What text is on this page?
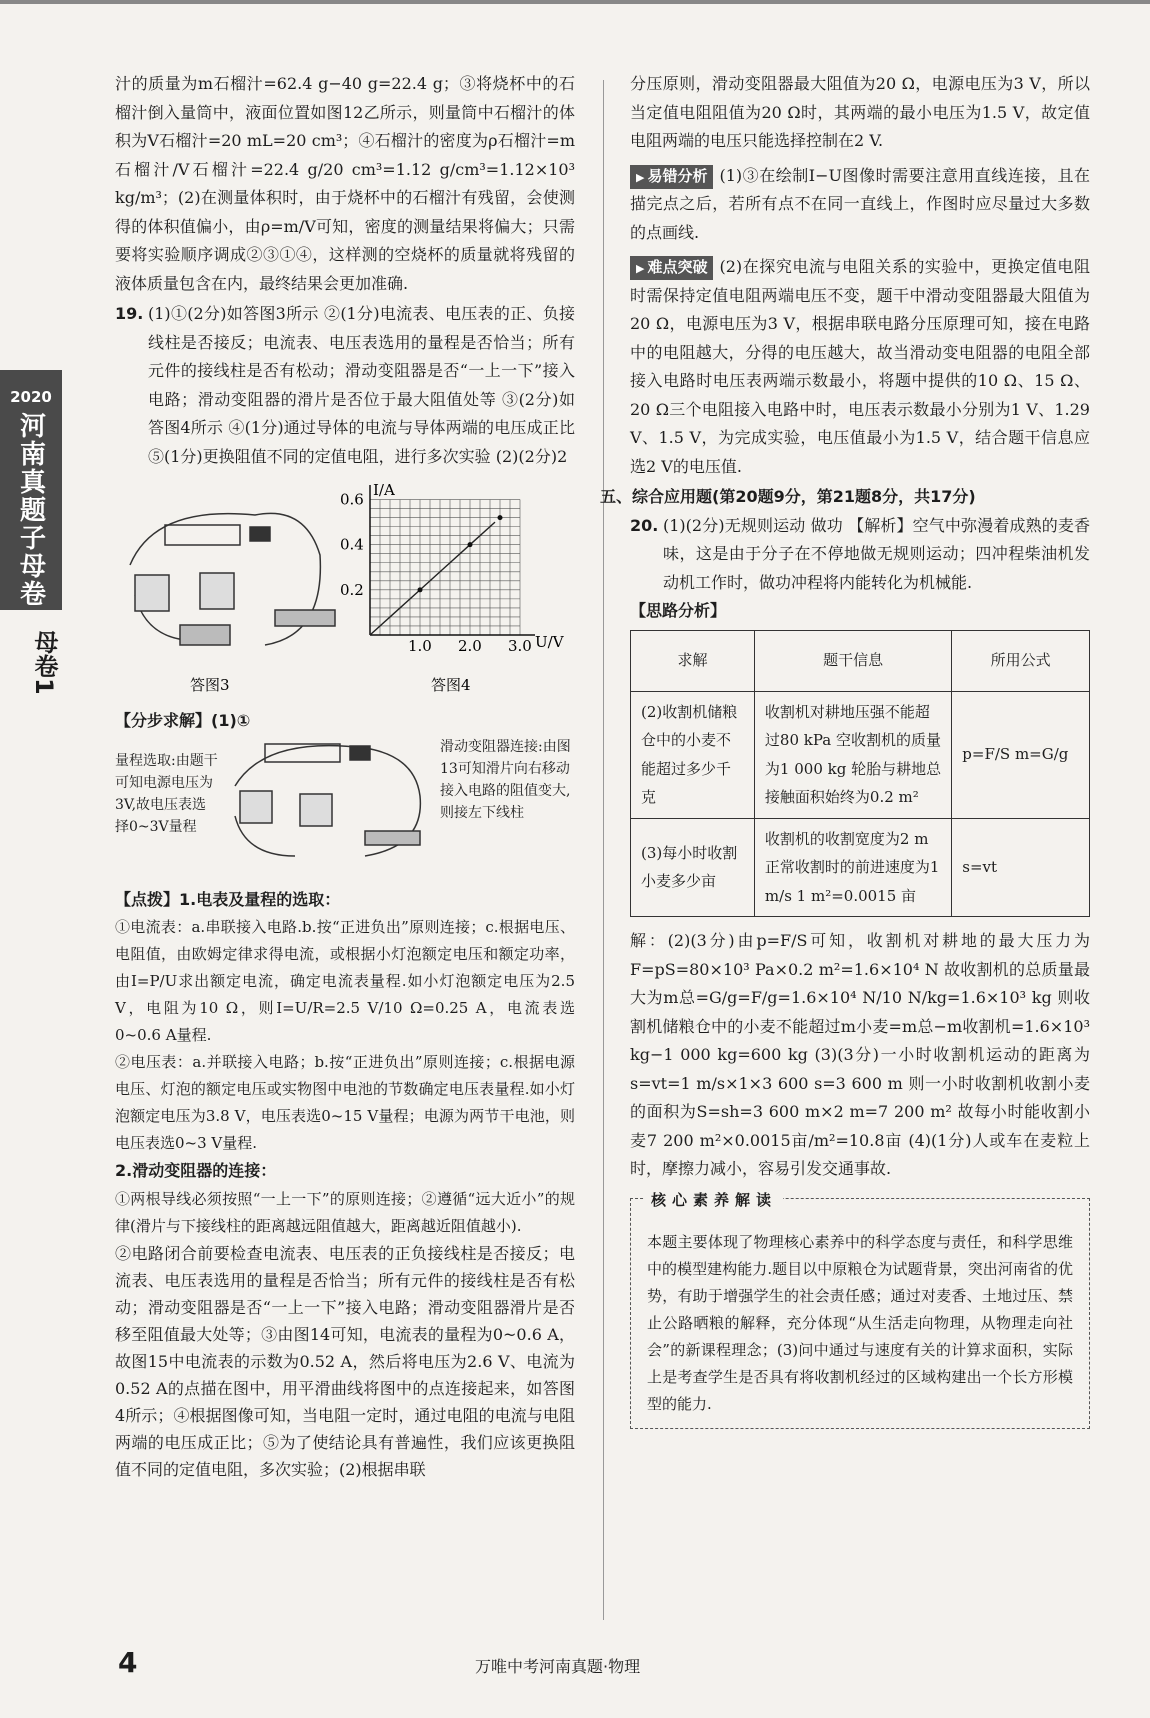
2020
河南真题子母卷
母卷1

汁的质量为m石榴汁=62.4 g−40 g=22.4 g；③将烧杯中的石榴汁倒入量筒中，液面位置如图12乙所示，则量筒中石榴汁的体积为V石榴汁=20 mL=20 cm³；④石榴汁的密度为ρ石榴汁=m石榴汁/V石榴汁=22.4 g/20 cm³=1.12 g/cm³=1.12×10³ kg/m³；(2)在测量体积时，由于烧杯中的石榴汁有残留，会使测得的体积值偏小，由ρ=m/V可知，密度的测量结果将偏大；只需要将实验顺序调成②③①④，这样测的空烧杯的质量就将残留的液体质量包含在内，最终结果会更加准确.

19. (1)①(2分)如答图3所示 ②(1分)电流表、电压表的正、负接线柱是否接反；电流表、电压表选用的量程是否恰当；所有元件的接线柱是否有松动；滑动变阻器是否“一上一下”接入电路；滑动变阻器的滑片是否位于最大阻值处等 ③(2分)如答图4所示 ④(1分)通过导体的电流与导体两端的电压成正比 ⑤(1分)更换阻值不同的定值电阻，进行多次实验 (2)(2分)2

答图3
1.0 2.0 3.0
0.2
0.4
0.6
I/A
U/V
答图4

【分步求解】(1)①

量程选取:由题干可知电源电压为3V,故电压表选择0~3V量程
滑动变阻器连接:由图13可知滑片向右移动接入电路的阻值变大,则接左下线柱

【点拨】1.电表及量程的选取：

①电流表：a.串联接入电路.b.按“正进负出”原则连接；c.根据电压、电阻值，由欧姆定律求得电流，或根据小灯泡额定电压和额定功率，由I=P/U求出额定电流，确定电流表量程.如小灯泡额定电压为2.5 V，电阻为10 Ω，则I=U/R=2.5 V/10 Ω=0.25 A，电流表选0~0.6 A量程.

②电压表：a.并联接入电路；b.按“正进负出”原则连接；c.根据电源电压、灯泡的额定电压或实物图中电池的节数确定电压表量程.如小灯泡额定电压为3.8 V，电压表选0~15 V量程；电源为两节干电池，则电压表选0~3 V量程.

2.滑动变阻器的连接：

①两根导线必须按照“一上一下”的原则连接；②遵循“远大近小”的规律(滑片与下接线柱的距离越远阻值越大，距离越近阻值越小).

②电路闭合前要检查电流表、电压表的正负接线柱是否接反；电流表、电压表选用的量程是否恰当；所有元件的接线柱是否有松动；滑动变阻器是否“一上一下”接入电路；滑动变阻器滑片是否移至阻值最大处等；③由图14可知，电流表的量程为0~0.6 A，故图15中电流表的示数为0.52 A，然后将电压为2.6 V、电流为0.52 A的点描在图中，用平滑曲线将图中的点连接起来，如答图4所示；④根据图像可知，当电阻一定时，通过电阻的电流与电阻两端的电压成正比；⑤为了使结论具有普遍性，我们应该更换阻值不同的定值电阻，多次实验；(2)根据串联

分压原则，滑动变阻器最大阻值为20 Ω，电源电压为3 V，所以当定值电阻阻值为20 Ω时，其两端的最小电压为1.5 V，故定值电阻两端的电压只能选择控制在2 V.

▶ 易错分析 (1)③在绘制I−U图像时需要注意用直线连接，且在描完点之后，若所有点不在同一直线上，作图时应尽量过大多数的点画线.

▶ 难点突破 (2)在探究电流与电阻关系的实验中，更换定值电阻时需保持定值电阻两端电压不变，题干中滑动变阻器最大阻值为20 Ω，电源电压为3 V，根据串联电路分压原理可知，接在电路中的电阻越大，分得的电压越大，故当滑动变电阻器的电阻全部接入电路时电压表两端示数最小，将题中提供的10 Ω、15 Ω、20 Ω三个电阻接入电路中时，电压表示数最小分别为1 V、1.29 V、1.5 V，为完成实验，电压值最小为1.5 V，结合题干信息应选2 V的电压值.

五、综合应用题(第20题9分，第21题8分，共17分)

20. (1)(2分)无规则运动 做功 【解析】空气中弥漫着成熟的麦香味，这是由于分子在不停地做无规则运动；四冲程柴油机发动机工作时，做功冲程将内能转化为机械能.

【思路分析】

求解	题干信息	所用公式
(2)收割机储粮仓中的小麦不能超过多少千克	收割机对耕地压强不能超过80 kPa 空收割机的质量为1 000 kg 轮胎与耕地总接触面积始终为0.2 m²	p=F/S m=G/g
(3)每小时收割小麦多少亩	收割机的收割宽度为2 m 正常收割时的前进速度为1 m/s 1 m²=0.0015 亩	s=vt

解：(2)(3分)由p=F/S可知，收割机对耕地的最大压力为F=pS=80×10³ Pa×0.2 m²=1.6×10⁴ N 故收割机的总质量最大为m总=G/g=F/g=1.6×10⁴ N/10 N/kg=1.6×10³ kg 则收割机储粮仓中的小麦不能超过m小麦=m总−m收割机=1.6×10³ kg−1 000 kg=600 kg (3)(3分)一小时收割机运动的距离为s=vt=1 m/s×1×3 600 s=3 600 m 则一小时收割机收割小麦的面积为S=sh=3 600 m×2 m=7 200 m² 故每小时能收割小麦7 200 m²×0.0015亩/m²=10.8亩 (4)(1分)人或车在麦粒上时，摩擦力减小，容易引发交通事故.

核心素养解读

本题主要体现了物理核心素养中的科学态度与责任，和科学思维中的模型建构能力.题目以中原粮仓为试题背景，突出河南省的优势，有助于增强学生的社会责任感；通过对麦香、土地过压、禁止公路晒粮的解释，充分体现“从生活走向物理，从物理走向社会”的新课程理念；(3)问中通过与速度有关的计算求面积，实际上是考查学生是否具有将收割机经过的区域构建出一个长方形模型的能力.

4	万唯中考河南真题·物理
